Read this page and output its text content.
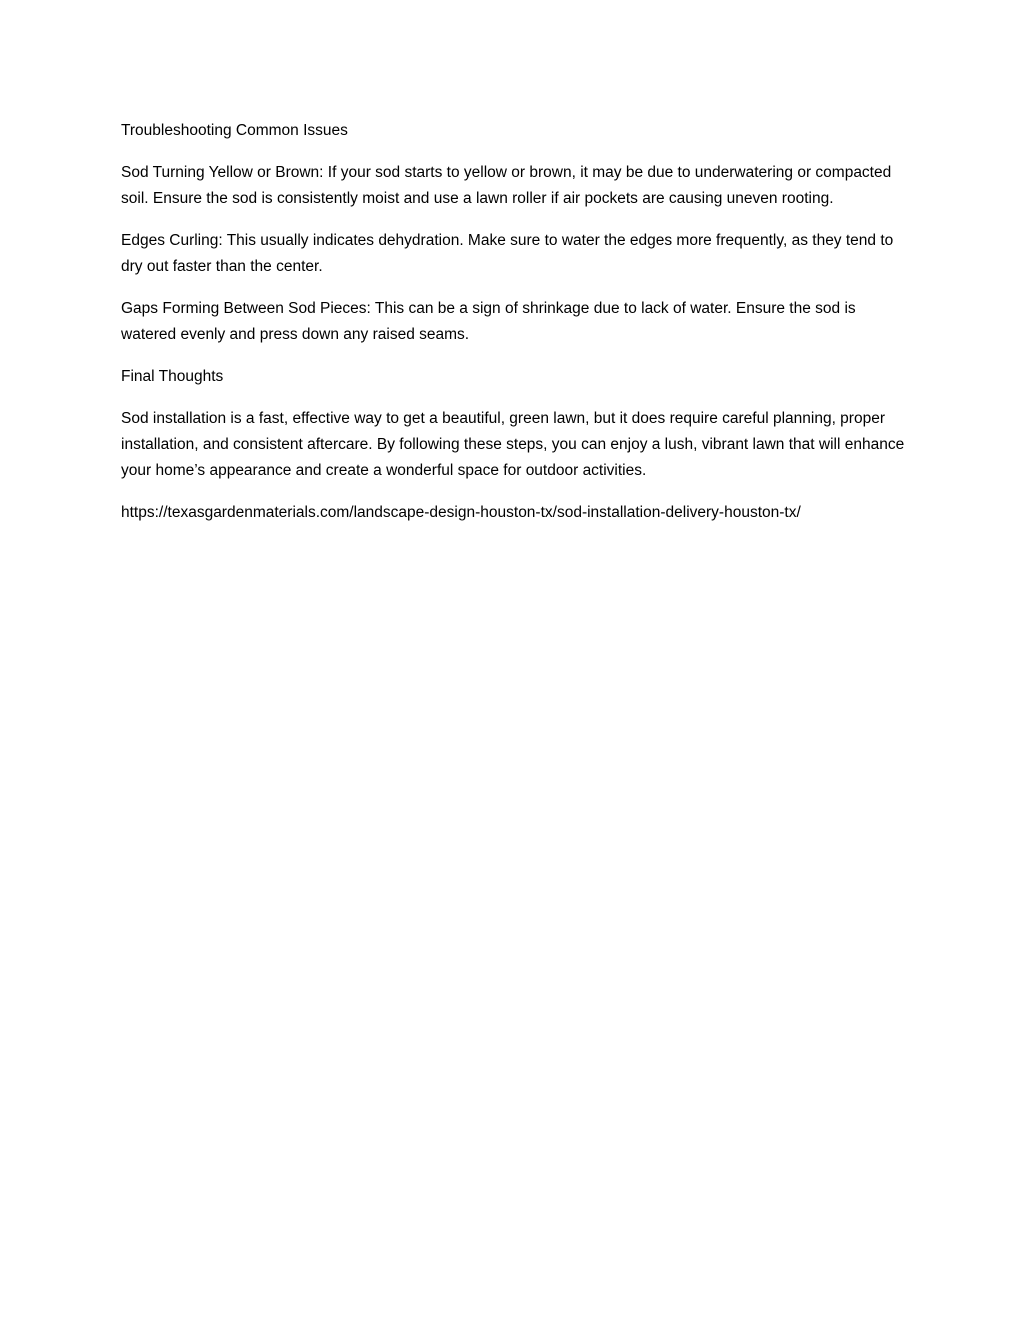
Troubleshooting Common Issues

Sod Turning Yellow or Brown: If your sod starts to yellow or brown, it may be due to underwatering or compacted soil. Ensure the sod is consistently moist and use a lawn roller if air pockets are causing uneven rooting.

Edges Curling: This usually indicates dehydration. Make sure to water the edges more frequently, as they tend to dry out faster than the center.

Gaps Forming Between Sod Pieces: This can be a sign of shrinkage due to lack of water. Ensure the sod is watered evenly and press down any raised seams.

Final Thoughts

Sod installation is a fast, effective way to get a beautiful, green lawn, but it does require careful planning, proper installation, and consistent aftercare. By following these steps, you can enjoy a lush, vibrant lawn that will enhance your home’s appearance and create a wonderful space for outdoor activities.

https://texasgardenmaterials.com/landscape-design-houston-tx/sod-installation-delivery-houston-tx/
